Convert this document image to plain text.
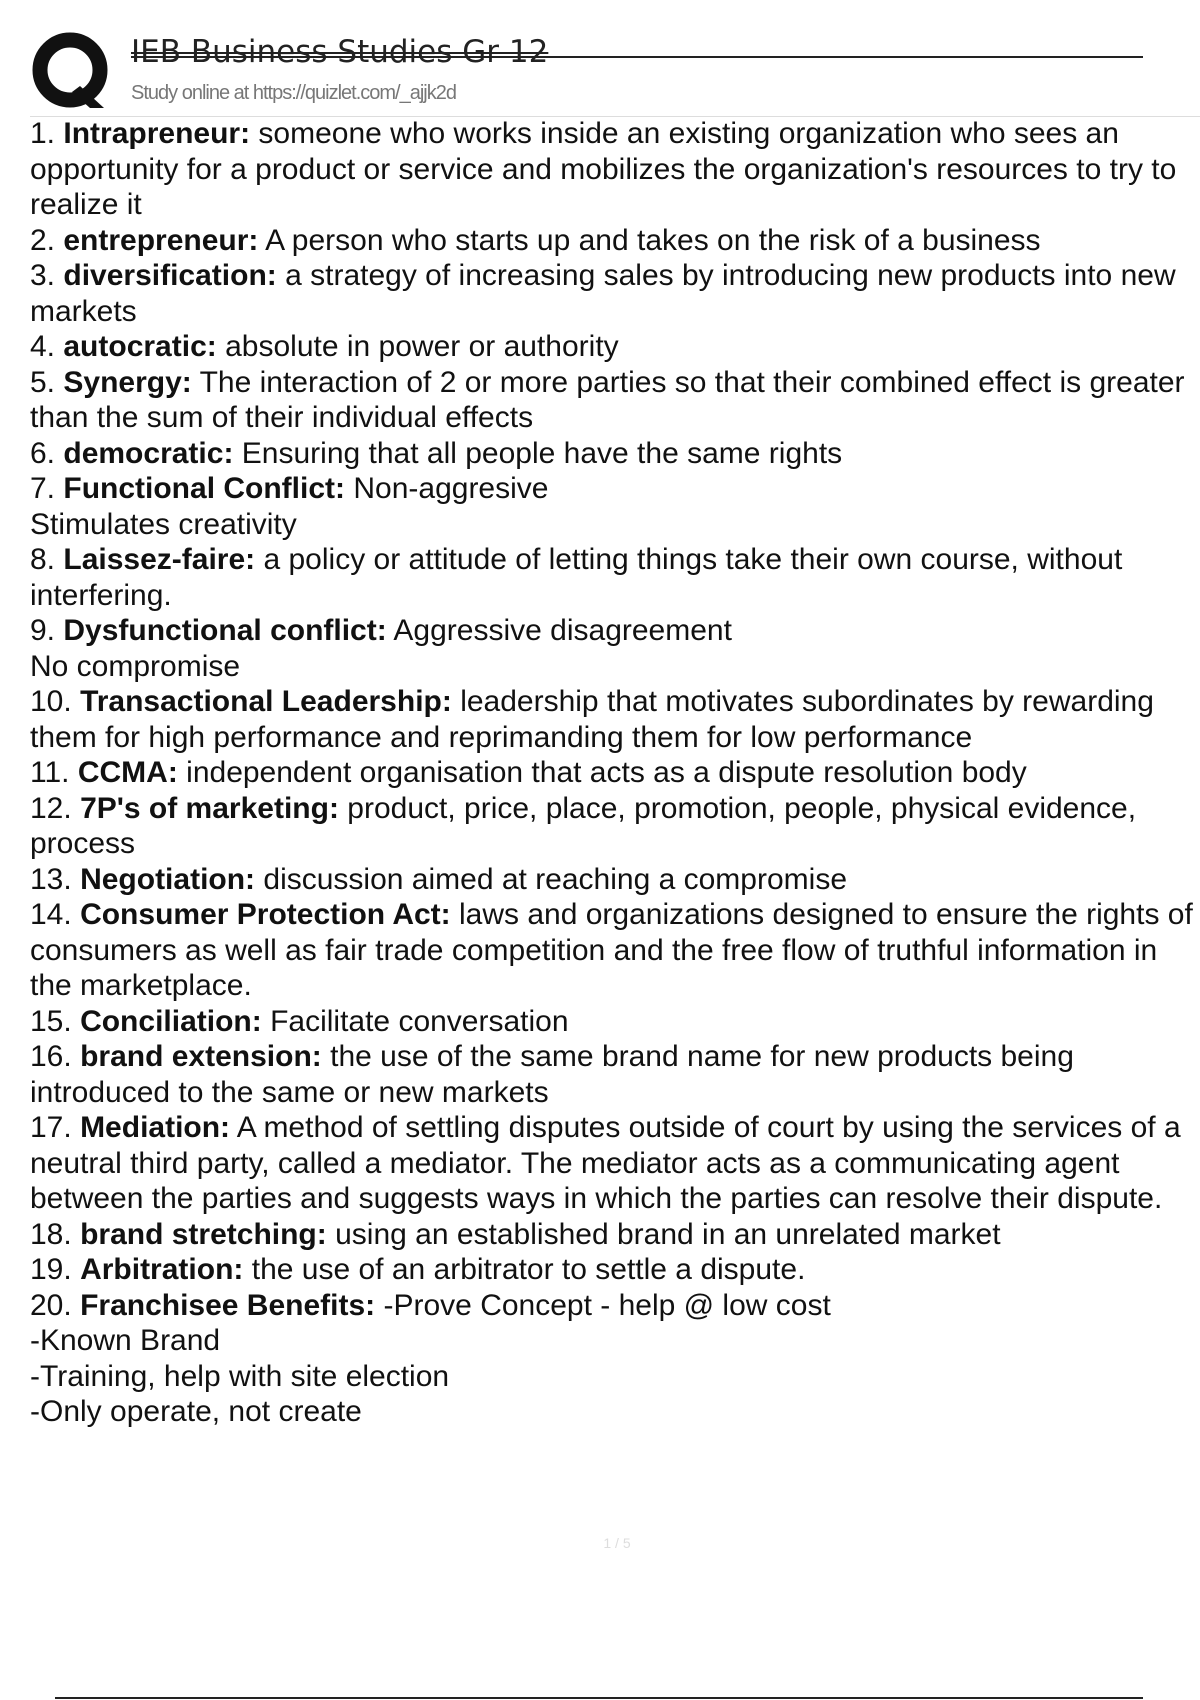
IEB Business Studies Gr 12
Study online at https://quizlet.com/_ajjk2d
1. Intrapreneur: someone who works inside an existing organization who sees an opportunity for a product or service and mobilizes the organization's resources to try to realize it
2. entrepreneur: A person who starts up and takes on the risk of a business
3. diversification: a strategy of increasing sales by introducing new products into new markets
4. autocratic: absolute in power or authority
5. Synergy: The interaction of 2 or more parties so that their combined effect is greater than the sum of their individual effects
6. democratic: Ensuring that all people have the same rights
7. Functional Conflict: Non-aggresive
Stimulates creativity
8. Laissez-faire: a policy or attitude of letting things take their own course, without interfering.
9. Dysfunctional conflict: Aggressive disagreement
No compromise
10. Transactional Leadership: leadership that motivates subordinates by rewarding them for high performance and reprimanding them for low performance
11. CCMA: independent organisation that acts as a dispute resolution body
12. 7P's of marketing: product, price, place, promotion, people, physical evidence, process
13. Negotiation: discussion aimed at reaching a compromise
14. Consumer Protection Act: laws and organizations designed to ensure the rights of consumers as well as fair trade competition and the free flow of truthful information in the marketplace.
15. Conciliation: Facilitate conversation
16. brand extension: the use of the same brand name for new products being introduced to the same or new markets
17. Mediation: A method of settling disputes outside of court by using the services of a neutral third party, called a mediator. The mediator acts as a communicating agent between the parties and suggests ways in which the parties can resolve their dispute.
18. brand stretching: using an established brand in an unrelated market
19. Arbitration: the use of an arbitrator to settle a dispute.
20. Franchisee Benefits: -Prove Concept - help @ low cost
-Known Brand
-Training, help with site election
-Only operate, not create
1 / 5
